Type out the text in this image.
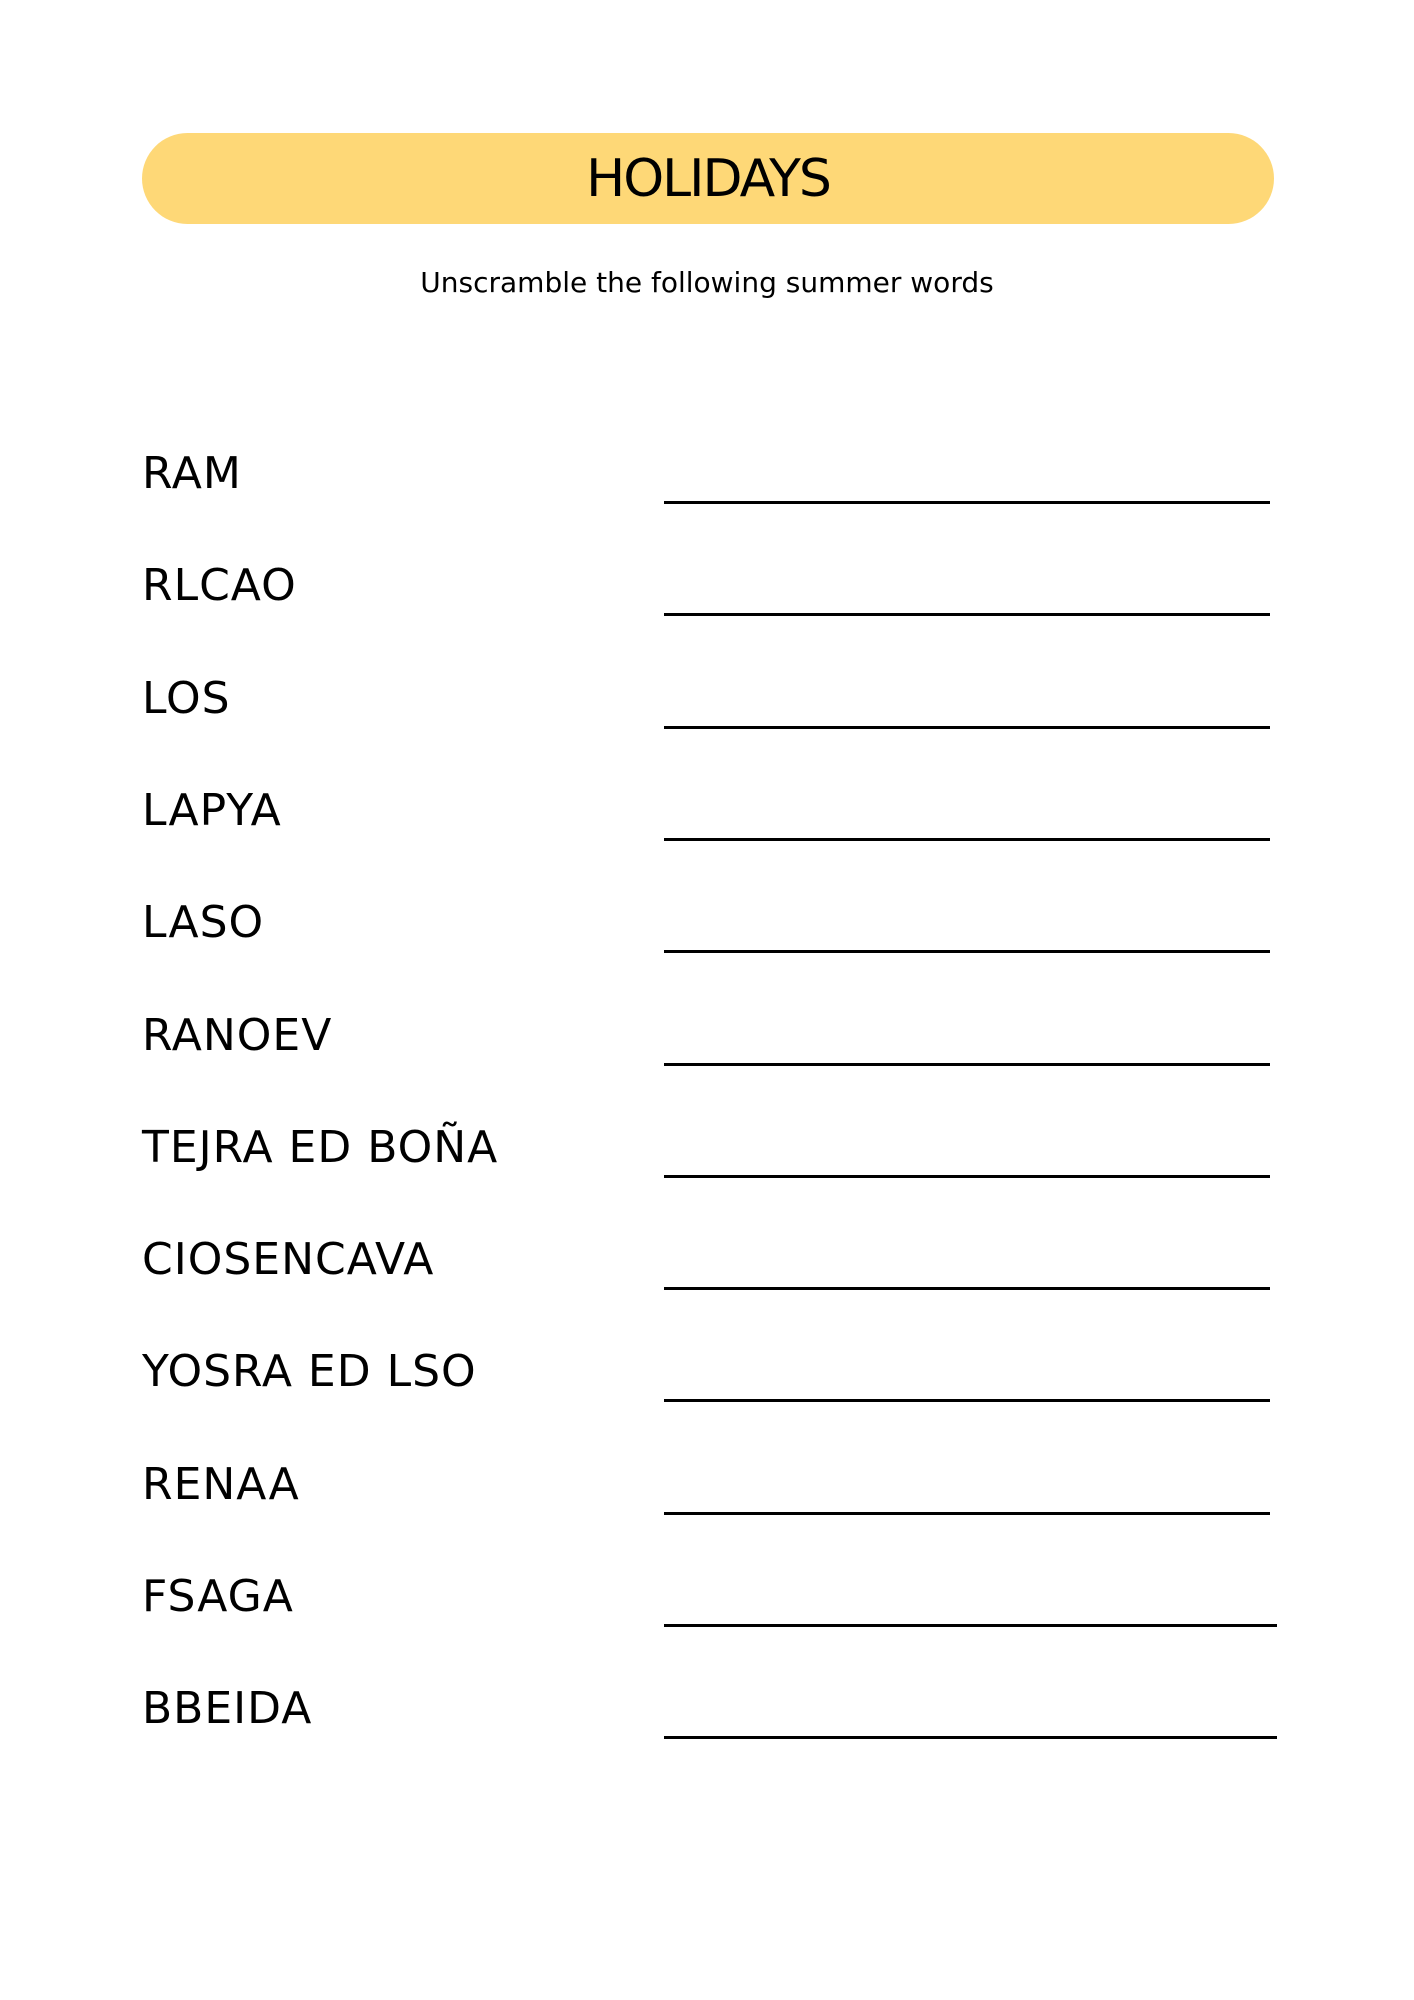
HOLIDAYS
Unscramble the following summer words
RAM
RLCAO
LOS
LAPYA
LASO
RANOEV
TEJRA ED BOÑA
CIOSENCAVA
YOSRA ED LSO
RENAA
FSAGA
BBEIDA
